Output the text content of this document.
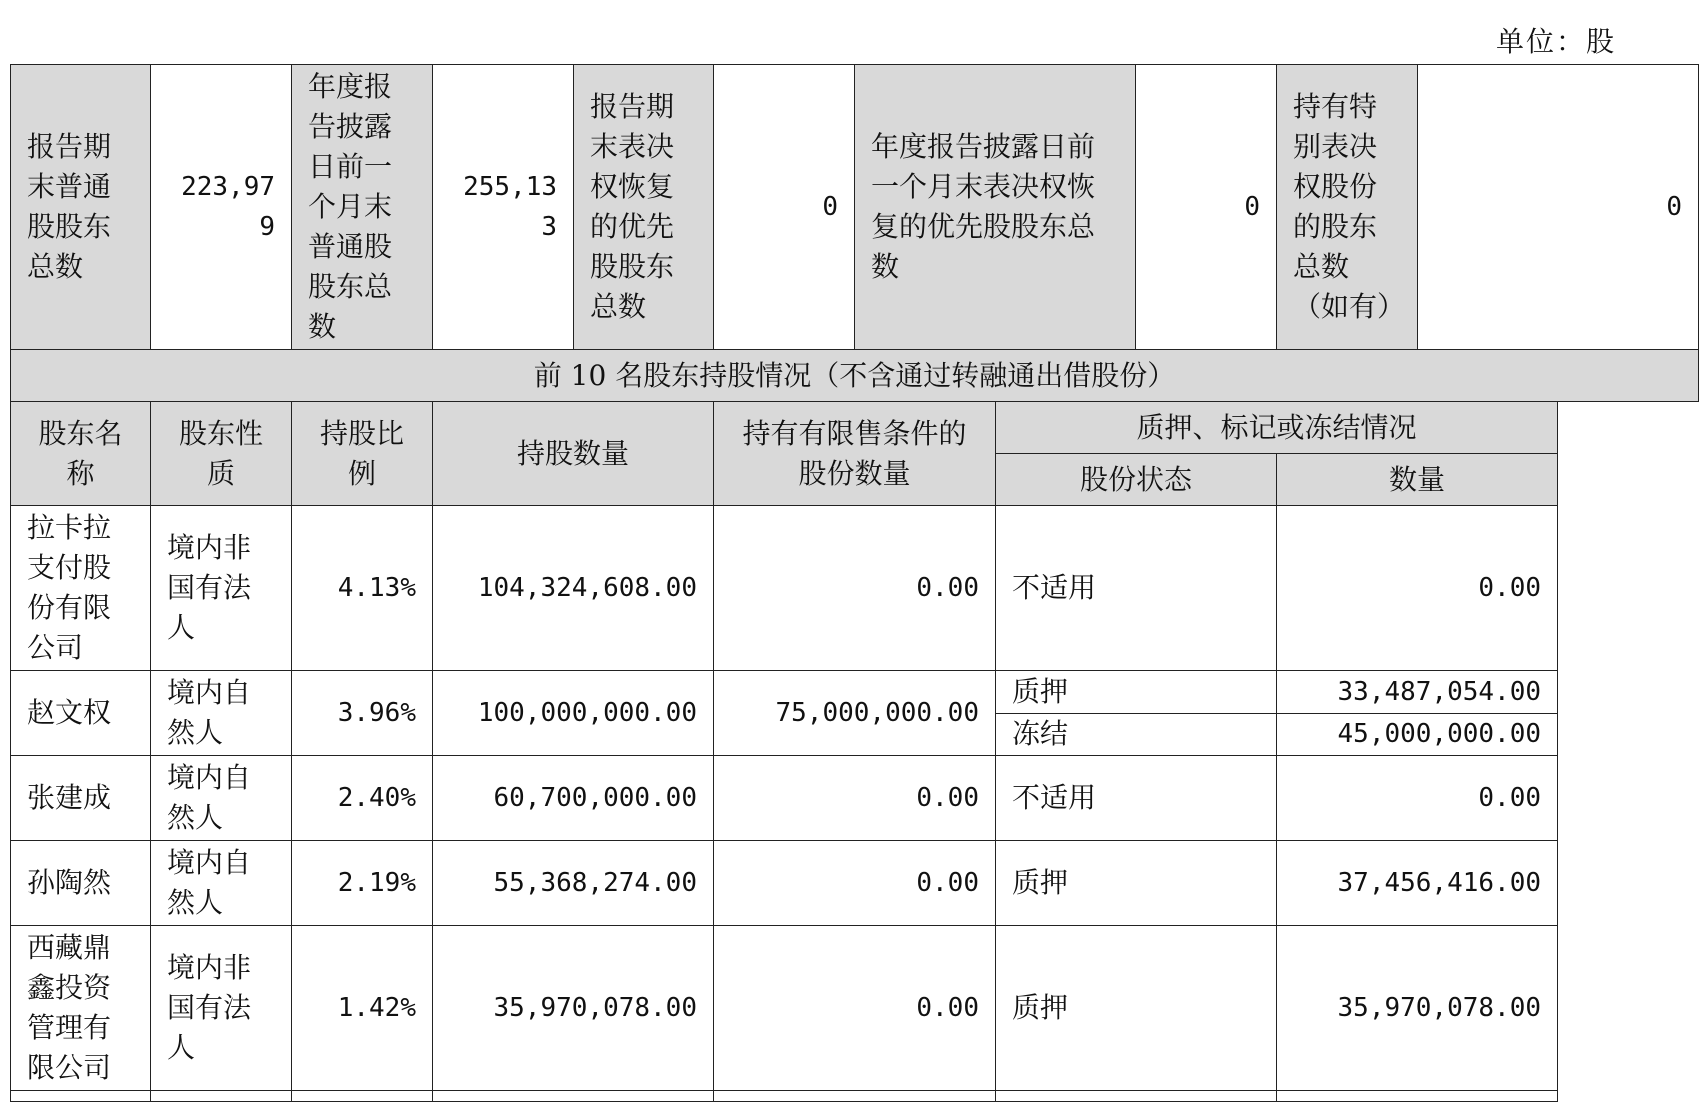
单位：股
报告期末普通股股东总数	223,979	年度报告披露日前一个月末普通股股东总数	255,133	报告期末表决权恢复的优先股股东总数	0	年度报告披露日前一个月末表决权恢复的优先股股东总数		0	持有特别表决权股份的股东总数（如有）	0
前 10 名股东持股情况（不含通过转融通出借股份）										
股东名称	股东性质	持股比例	持股数量		持有有限售条件的股份数量		质押、标记或冻结情况			
							股份状态		数量	
拉卡拉支付股份有限公司	境内非国有法人	4.13%	104,324,608.00		0.00		不适用		0.00	
赵文权	境内自然人	3.96%	100,000,000.00		75,000,000.00		质押		33,487,054.00	
							冻结		45,000,000.00	
张建成	境内自然人	2.40%	60,700,000.00		0.00		不适用		0.00	
孙陶然	境内自然人	2.19%	55,368,274.00		0.00		质押		37,456,416.00	
西藏鼎鑫投资管理有限公司	境内非国有法人	1.42%	35,970,078.00		0.00		质押		35,970,078.00	
